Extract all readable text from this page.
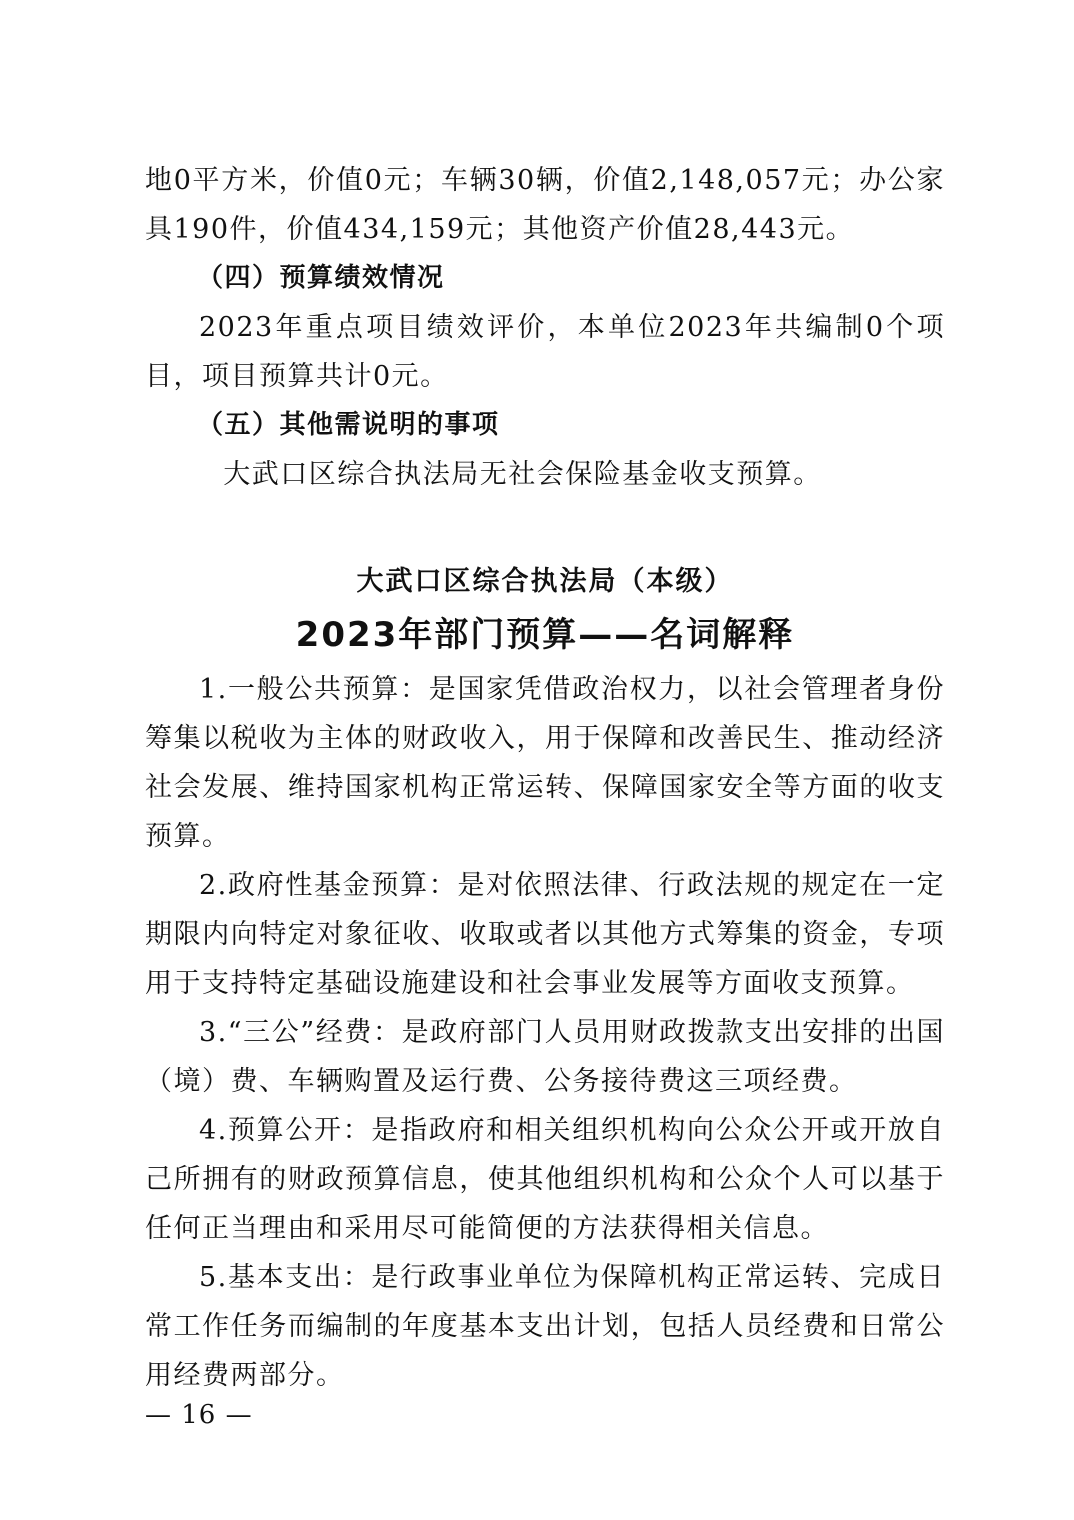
地0平方米，价值0元；车辆30辆，价值2,148,057元；办公家具190件，价值434,159元；其他资产价值28,443元。

（四）预算绩效情况

2023年重点项目绩效评价，本单位2023年共编制0个项目，项目预算共计0元。

（五）其他需说明的事项

大武口区综合执法局无社会保险基金收支预算。

大武口区综合执法局（本级）
2023年部门预算——名词解释

1.一般公共预算：是国家凭借政治权力，以社会管理者身份筹集以税收为主体的财政收入，用于保障和改善民生、推动经济社会发展、维持国家机构正常运转、保障国家安全等方面的收支预算。

2.政府性基金预算：是对依照法律、行政法规的规定在一定期限内向特定对象征收、收取或者以其他方式筹集的资金，专项用于支持特定基础设施建设和社会事业发展等方面收支预算。

3.“三公”经费：是政府部门人员用财政拨款支出安排的出国（境）费、车辆购置及运行费、公务接待费这三项经费。

4.预算公开：是指政府和相关组织机构向公众公开或开放自己所拥有的财政预算信息，使其他组织机构和公众个人可以基于任何正当理由和采用尽可能简便的方法获得相关信息。

5.基本支出：是行政事业单位为保障机构正常运转、完成日常工作任务而编制的年度基本支出计划，包括人员经费和日常公用经费两部分。

— 16 —
